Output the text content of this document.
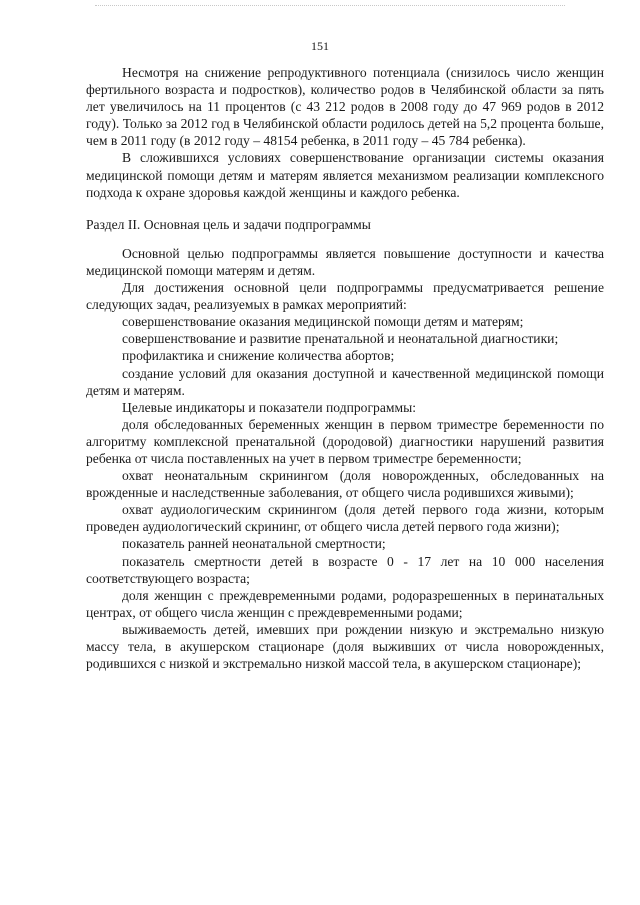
151

Несмотря на снижение репродуктивного потенциала (снизилось число женщин фертильного возраста и подростков), количество родов в Челябинской области за пять лет увеличилось на 11 процентов (с 43 212 родов в 2008 году до 47 969 родов в 2012 году). Только за 2012 год в Челябинской области родилось детей на 5,2 процента больше, чем в 2011 году (в 2012 году – 48154 ребенка, в 2011 году – 45 784 ребенка).

В сложившихся условиях совершенствование организации системы оказания медицинской помощи детям и матерям является механизмом реализации комплексного подхода к охране здоровья каждой женщины и каждого ребенка.

Раздел II. Основная цель и задачи подпрограммы

Основной целью подпрограммы является повышение доступности и качества медицинской помощи матерям и детям.

Для достижения основной цели подпрограммы предусматривается решение следующих задач, реализуемых в рамках мероприятий:

совершенствование оказания медицинской помощи детям и матерям;

совершенствование и развитие пренатальной и неонатальной диагностики;

профилактика и снижение количества абортов;

создание условий для оказания доступной и качественной медицинской помощи детям и матерям.

Целевые индикаторы и показатели подпрограммы:

доля обследованных беременных женщин в первом триместре беременности по алгоритму комплексной пренатальной (дородовой) диагностики нарушений развития ребенка от числа поставленных на учет в первом триместре беременности;

охват неонатальным скринингом (доля новорожденных, обследованных на врожденные и наследственные заболевания, от общего числа родившихся живыми);

охват аудиологическим скринингом (доля детей первого года жизни, которым проведен аудиологический скрининг, от общего числа детей первого года жизни);

показатель ранней неонатальной смертности;

показатель смертности детей в возрасте 0 - 17 лет на 10 000 населения соответствующего возраста;

доля женщин с преждевременными родами, родоразрешенных в перинатальных центрах, от общего числа женщин с преждевременными родами;

выживаемость детей, имевших при рождении низкую и экстремально низкую массу тела, в акушерском стационаре (доля выживших от числа новорожденных, родившихся с низкой и экстремально низкой массой тела, в акушерском стационаре);
